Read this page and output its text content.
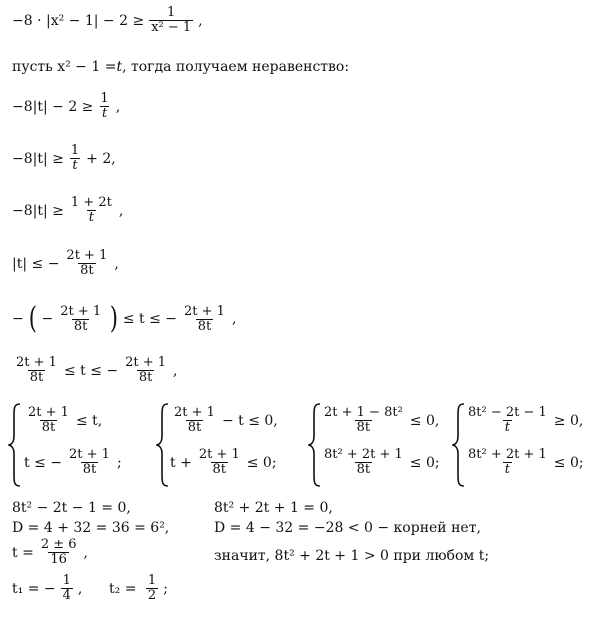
$-8 \cdot |x^2 - 1| - 2 \ge \frac{1}{\text{x² − 1}}$ ,
пусть x² − 1 = t , тогда получаем неравенство:
$-8|t| - 2 \ge \frac{1}{t}$ ,
$-8|t| \ge \frac{1}{t} + 2$,
$-8|t| \ge \frac{1 + 2t}{t}$ ,
|t| ≤ − $\frac{2t + 1}{8t}$ ,
− ( − $\frac{2t + 1}{8t}$ ) ≤ t ≤ − $\frac{2t + 1}{8t}$ ,
$\frac{2t + 1}{8t} \le t$ ≤ − $\frac{2t + 1}{8t}$ ,
$\frac{2t + 1}{8t} \le t$,
t ≤ − $\frac{2t + 1}{8t}$ ;
$\frac{2t + 1}{8t} - t \le 0$,
$t + \frac{2t + 1}{8t} \le 0$;
$\frac{\text{2t + 1 − 8t²}}{8t} \le 0$,
$\frac{\text{8t² + 2t + 1}}{8t} \le 0$;
$\frac{\text{8t² − 2t − 1}}{t} \ge 0$,
$\frac{\text{8t² + 2t + 1}}{t} \le 0$;
8t² − 2t − 1 = 0,
D = 4 + 32 = 36 = 6²,
$t = \frac{2 \pm 6}{16}$ ,
t₁ = − $\frac{1}{4}$ ,      $t_2 = \frac{1}{2}$ ;
8t² + 2t + 1 = 0,
D = 4 − 32 = −28 < 0 − корней нет,
значит, 8t² + 2t + 1 > 0 при любом t;
